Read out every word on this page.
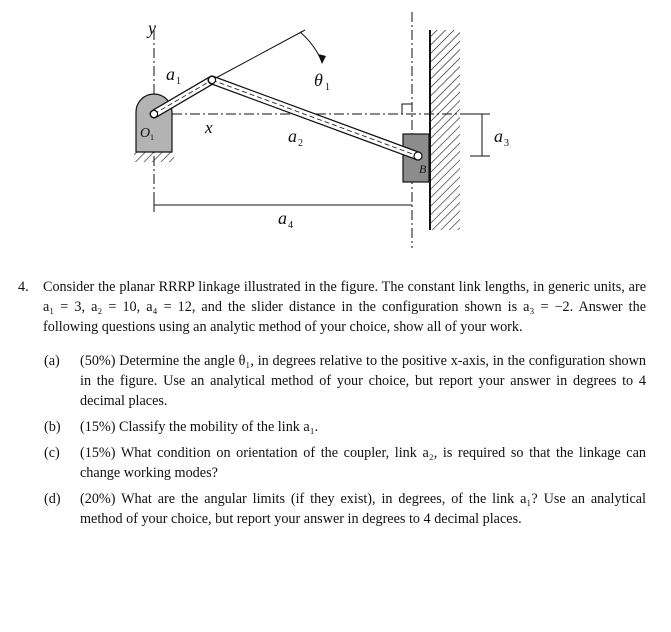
y
x
a 1
a 2	a 3
a 4
θ 1
O 1
B
4.	Consider the planar RRRP linkage illustrated in the figure. The constant link lengths, in generic units, are a₁ = 3, a₂ = 10, a₄ = 12, and the slider distance in the configuration shown is a₃ = −2. Answer the following questions using an analytic method of your choice, show all of your work.
(a)	(50%) Determine the angle θ₁, in degrees relative to the positive x-axis, in the configuration shown in the figure. Use an analytical method of your choice, but report your answer in degrees to 4 decimal places.
(b)	(15%) Classify the mobility of the link a₁.
(c)	(15%) What condition on orientation of the coupler, link a₂, is required so that the linkage can change working modes?
(d)	(20%) What are the angular limits (if they exist), in degrees, of the link a₁? Use an analytical method of your choice, but report your answer in degrees to 4 decimal places.
